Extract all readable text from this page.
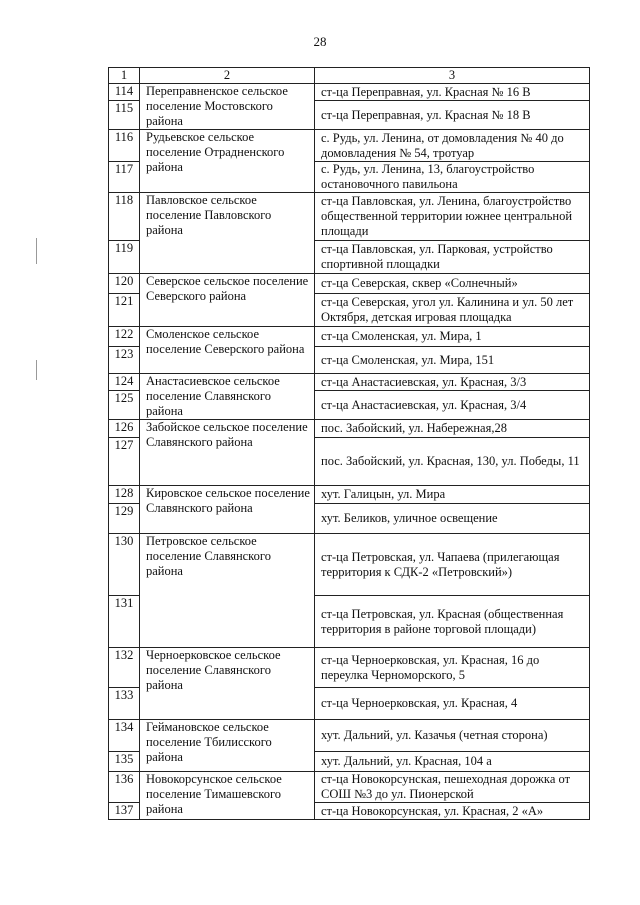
28
1	2	3
114	Переправненское сельское поселение Мостовского района	ст-ца Переправная, ул. Красная № 16 В
115		ст-ца Переправная, ул. Красная № 18 В
116	Рудьевское сельское поселение Отрадненского района	с. Рудь, ул. Ленина, от домовладения № 40 до домовладения № 54, тротуар
117		с. Рудь, ул. Ленина, 13, благоустройство остановочного павильона
118	Павловское сельское поселение Павловского района	ст-ца Павловская, ул. Ленина, благоустройство общественной территории южнее центральной площади
119		ст-ца Павловская, ул. Парковая, устройство спортивной площадки
120	Северское сельское поселение Северского района	ст-ца Северская, сквер «Солнечный»
121		ст-ца Северская, угол ул. Калинина и ул. 50 лет Октября, детская игровая площадка
122	Смоленское сельское поселение Северского района	ст-ца Смоленская, ул. Мира, 1
123		ст-ца Смоленская, ул. Мира, 151
124	Анастасиевское сельское поселение Славянского района	ст-ца Анастасиевская, ул. Красная, 3/3
125		ст-ца Анастасиевская, ул. Красная, 3/4
126	Забойское сельское поселение Славянского района	пос. Забойский, ул. Набережная,28
127		пос. Забойский, ул. Красная, 130, ул. Победы, 11
128	Кировское сельское поселение Славянского района	хут. Галицын, ул. Мира
129		хут. Беликов, уличное освещение
130	Петровское сельское поселение Славянского района	ст-ца Петровская, ул. Чапаева (прилегающая территория к СДК-2 «Петровский»)
131		ст-ца Петровская, ул. Красная (общественная территория в районе торговой площади)
132	Черноерковское сельское поселение Славянского района	ст-ца Черноерковская, ул. Красная, 16 до переулка Черноморского, 5
133		ст-ца Черноерковская, ул. Красная, 4
134	Геймановское сельское поселение Тбилисского района	хут. Дальний, ул. Казачья (четная сторона)
135		хут. Дальний, ул. Красная, 104 а
136	Новокорсунское сельское поселение Тимашевского района	ст-ца Новокорсунская, пешеходная дорожка от СОШ №3 до ул. Пионерской
137		ст-ца Новокорсунская, ул. Красная, 2 «А»
